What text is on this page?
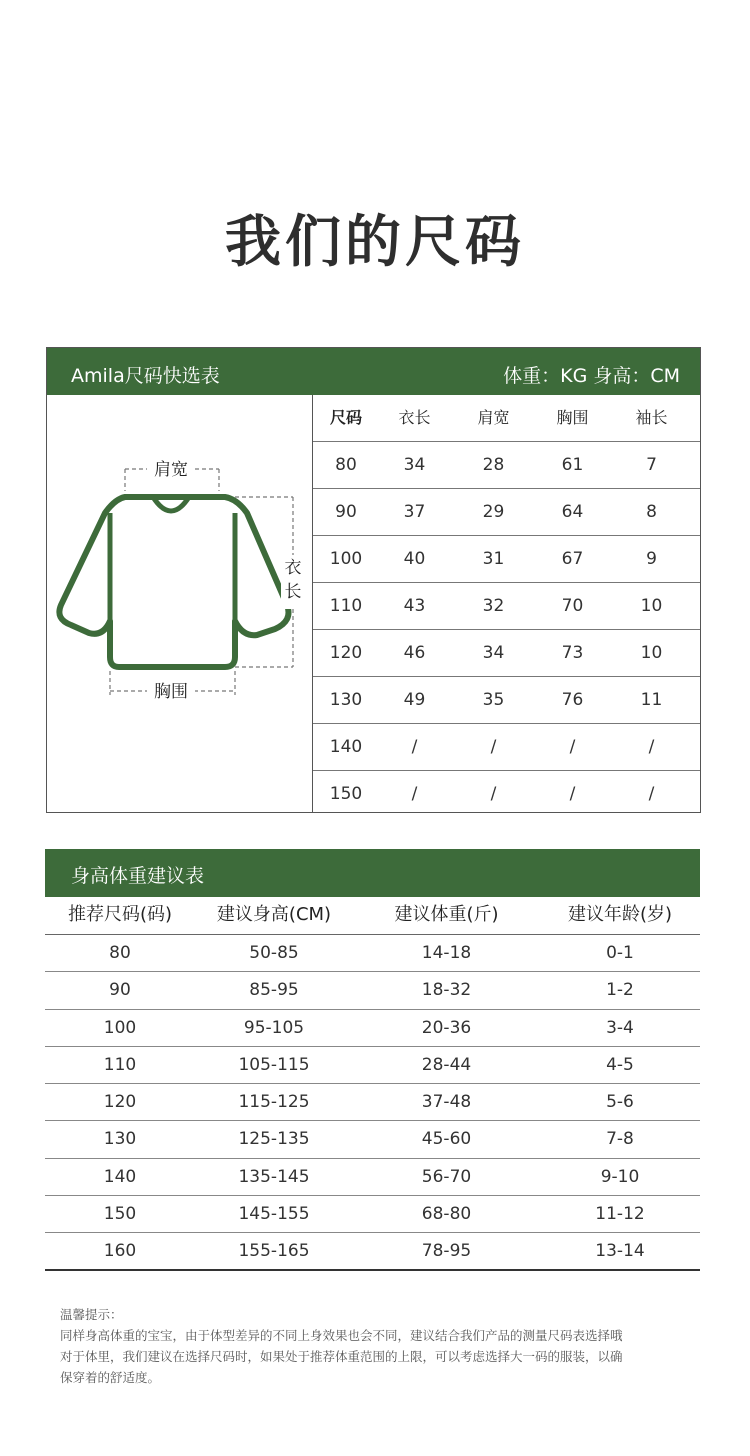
我们的尺码
Amila尺码快选表	体重：KG 身高：CM
肩宽
衣
长
胸围
尺码	衣长	肩宽	胸围	袖长
80	34	28	61	7
90	37	29	64	8
100	40	31	67	9
110	43	32	70	10
120	46	34	73	10
130	49	35	76	11
140	/	/	/	/
150	/	/	/	/
身高体重建议表
推荐尺码(码)	建议身高(CM)	建议体重(斤)	建议年龄(岁)
80	50-85	14-18	0-1
90	85-95	18-32	1-2
100	95-105	20-36	3-4
110	105-115	28-44	4-5
120	115-125	37-48	5-6
130	125-135	45-60	7-8
140	135-145	56-70	9-10
150	145-155	68-80	11-12
160	155-165	78-95	13-14

温馨提示：

同样身高体重的宝宝，由于体型差异的不同上身效果也会不同，建议结合我们产品的测量尺码表选择哦

对于体里，我们建议在选择尺码时，如果处于推荐体重范围的上限，可以考虑选择大一码的服装，以确

保穿着的舒适度。
